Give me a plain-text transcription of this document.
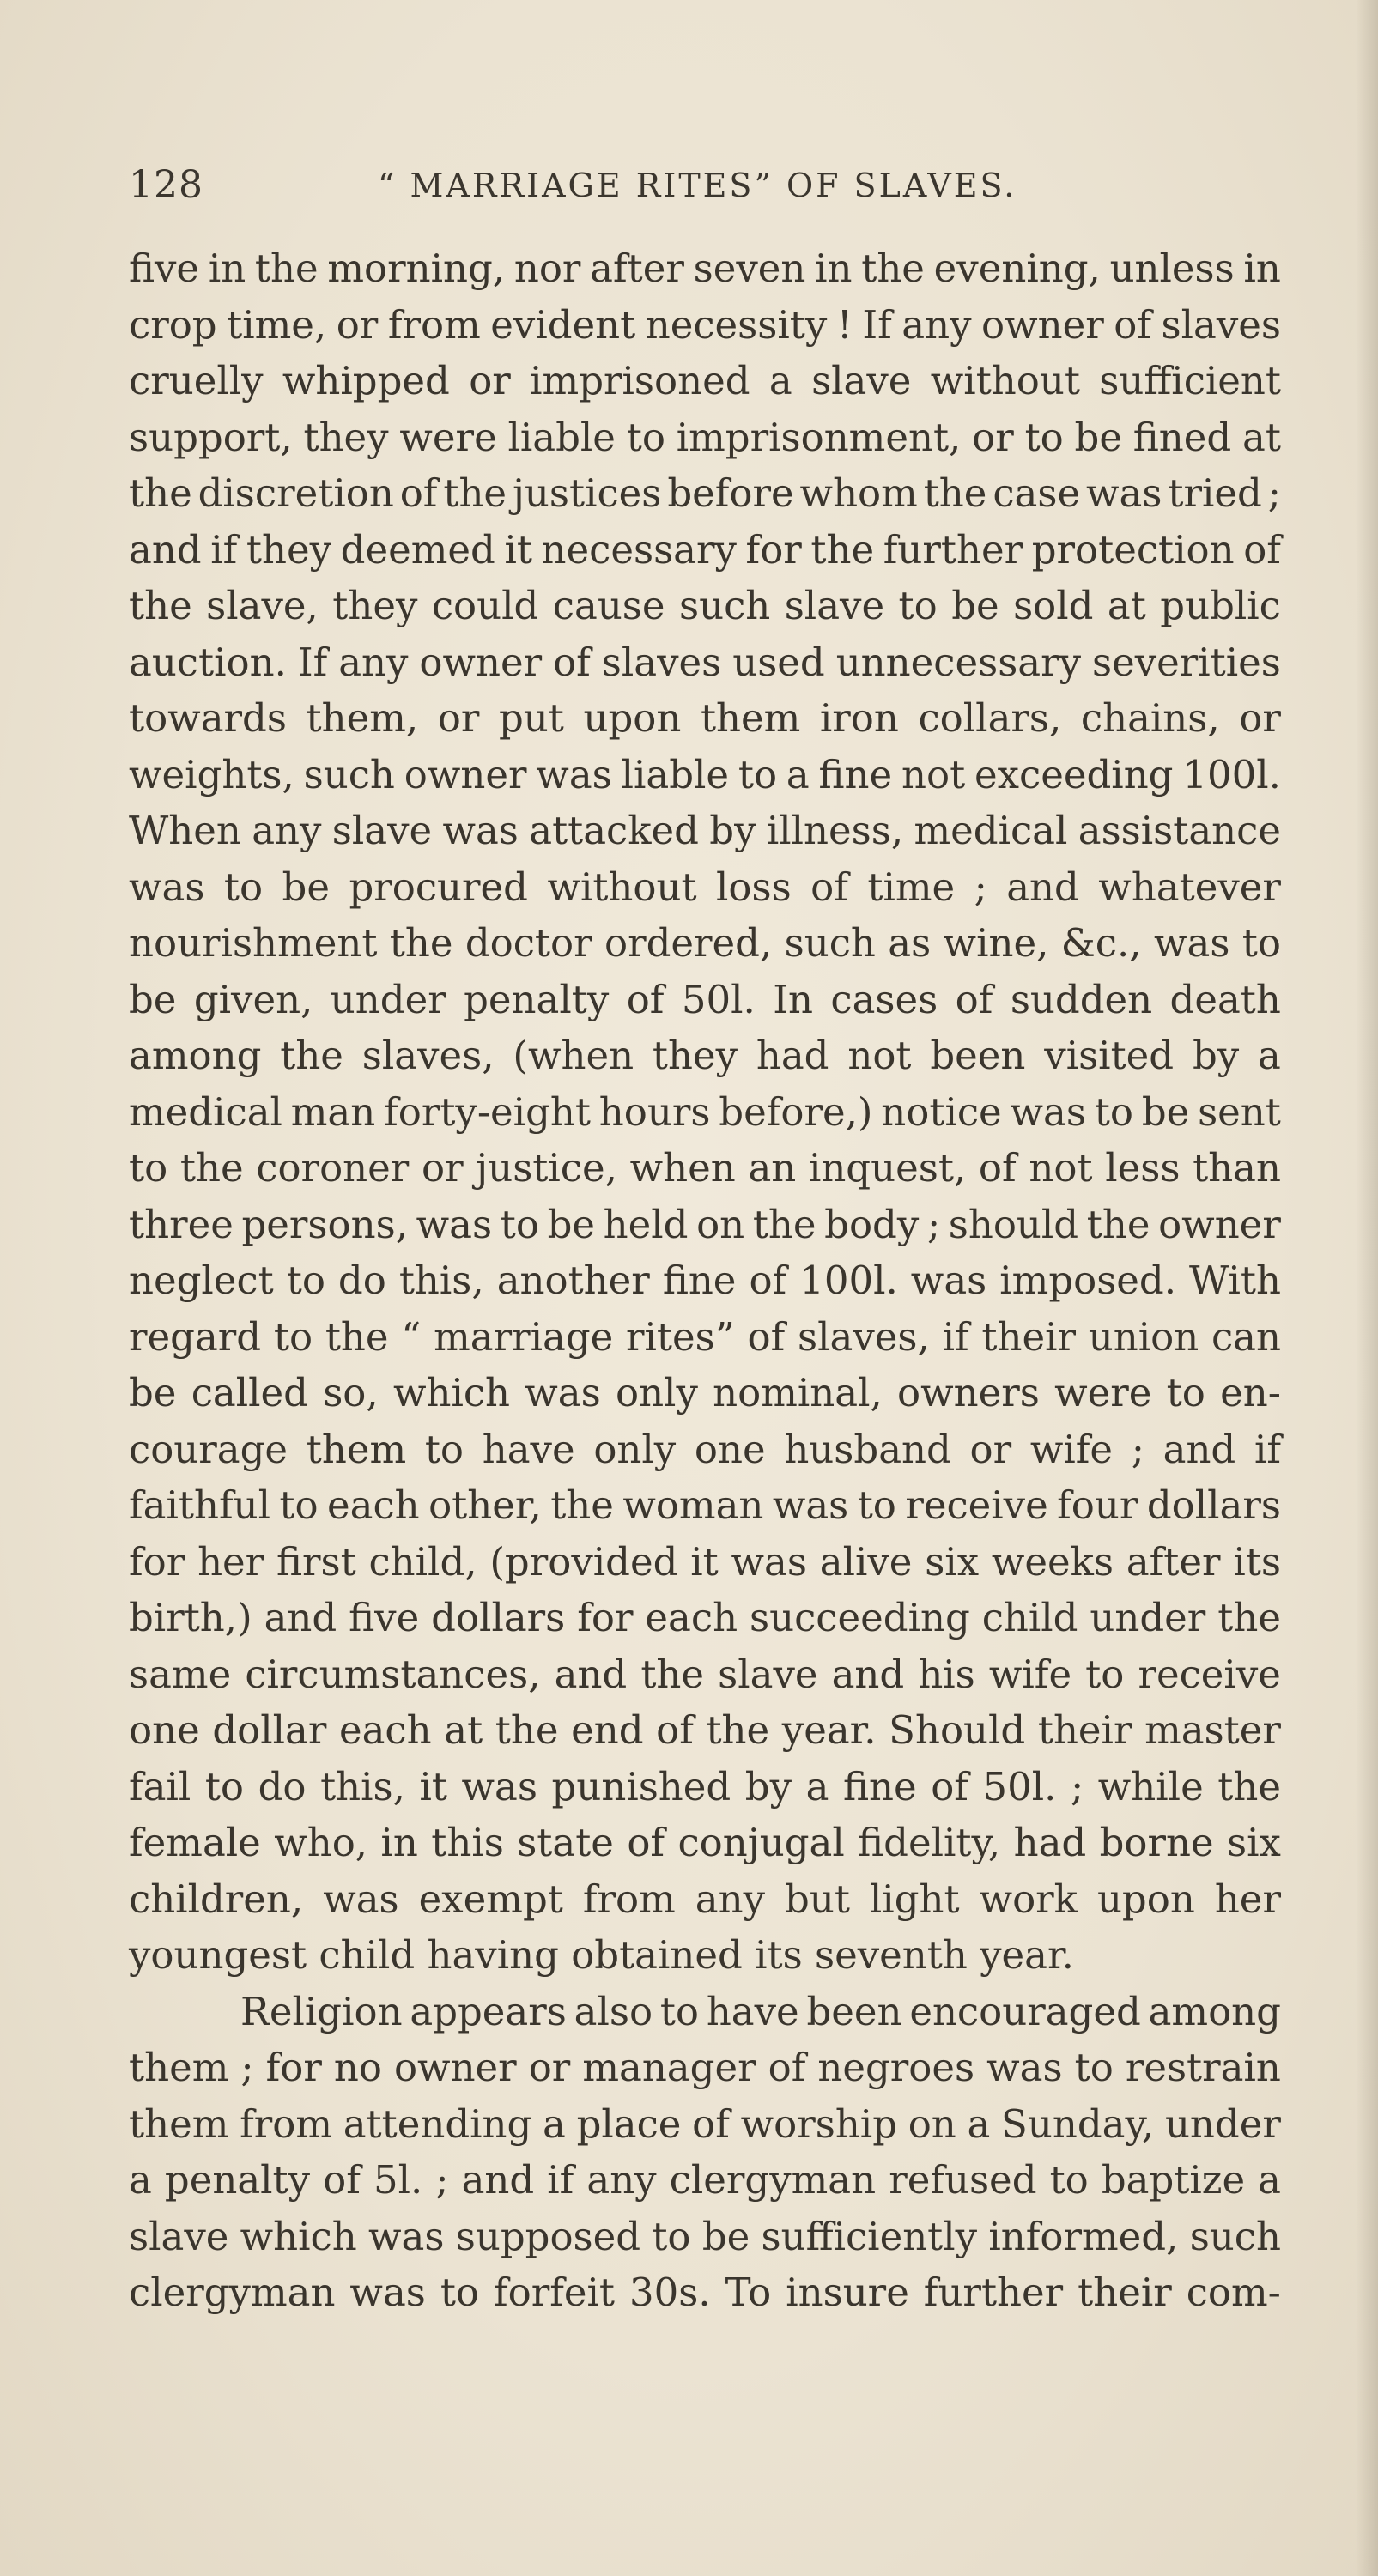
128	“ MARRIAGE RITES” OF SLAVES.
five in the morning, nor after seven in the evening, unless in
crop time, or from evident necessity ! If any owner of slaves
cruelly whipped or imprisoned a slave without sufficient
support, they were liable to imprisonment, or to be fined at
the discretion of the justices before whom the case was tried ;
and if they deemed it necessary for the further protection of
the slave, they could cause such slave to be sold at public
auction. If any owner of slaves used unnecessary severities
towards them, or put upon them iron collars, chains, or
weights, such owner was liable to a fine not exceeding 100l.
When any slave was attacked by illness, medical assistance
was to be procured without loss of time ; and whatever
nourishment the doctor ordered, such as wine, &c., was to
be given, under penalty of 50l. In cases of sudden death
among the slaves, (when they had not been visited by a
medical man forty-eight hours before,) notice was to be sent
to the coroner or justice, when an inquest, of not less than
three persons, was to be held on the body ; should the owner
neglect to do this, another fine of 100l. was imposed. With
regard to the “ marriage rites” of slaves, if their union can
be called so, which was only nominal, owners were to en-
courage them to have only one husband or wife ; and if
faithful to each other, the woman was to receive four dollars
for her first child, (provided it was alive six weeks after its
birth,) and five dollars for each succeeding child under the
same circumstances, and the slave and his wife to receive
one dollar each at the end of the year. Should their master
fail to do this, it was punished by a fine of 50l. ; while the
female who, in this state of conjugal fidelity, had borne six
children, was exempt from any but light work upon her
youngest child having obtained its seventh year.
Religion appears also to have been encouraged among
them ; for no owner or manager of negroes was to restrain
them from attending a place of worship on a Sunday, under
a penalty of 5l. ; and if any clergyman refused to baptize a
slave which was supposed to be sufficiently informed, such
clergyman was to forfeit 30s. To insure further their com-
